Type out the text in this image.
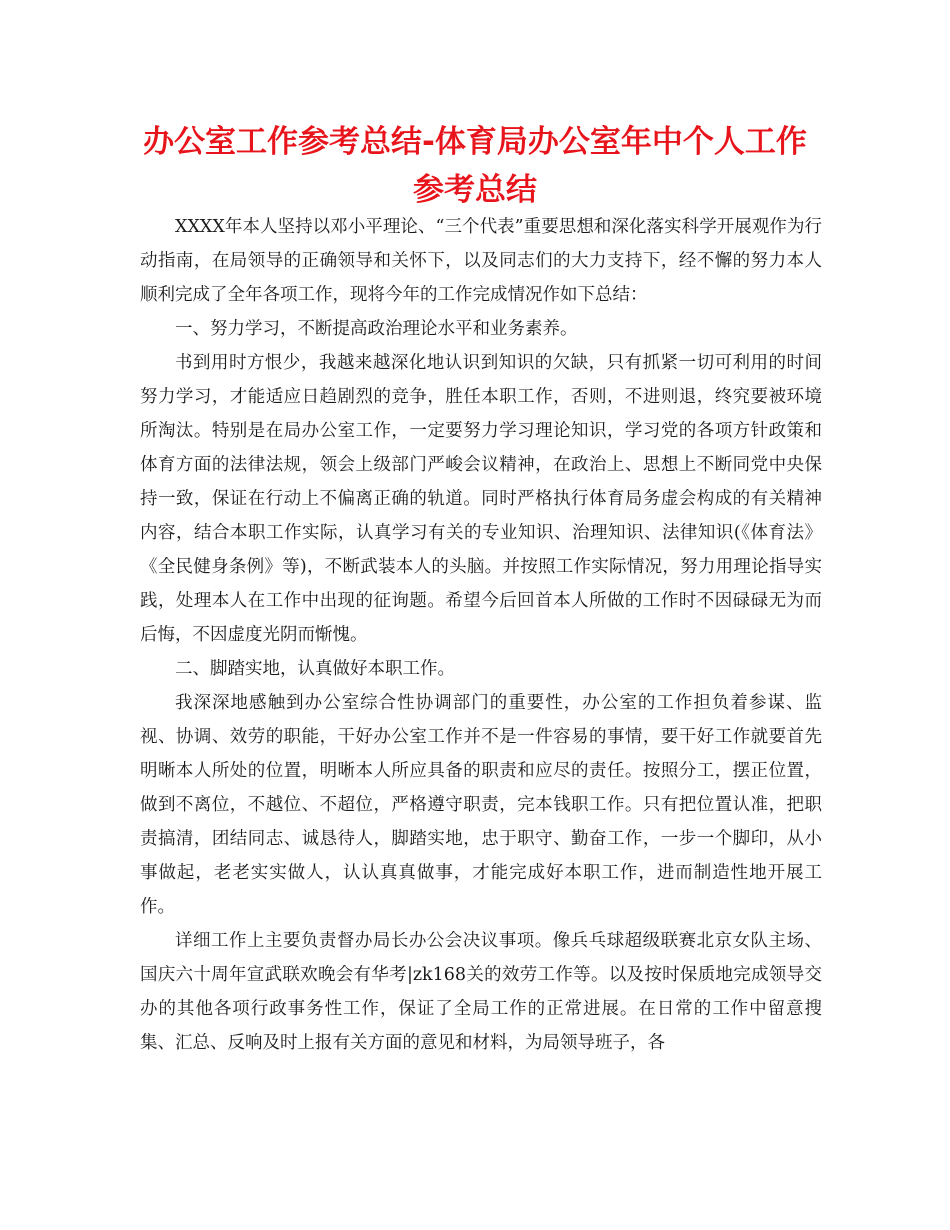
办公室工作参考总结-体育局办公室年中个人工作参考总结

XXXX年本人坚持以邓小平理论、“三个代表”重要思想和深化落实科学开展观作为行动指南，在局领导的正确领导和关怀下，以及同志们的大力支持下，经不懈的努力本人顺利完成了全年各项工作，现将今年的工作完成情况作如下总结：

一、努力学习，不断提高政治理论水平和业务素养。

书到用时方恨少，我越来越深化地认识到知识的欠缺，只有抓紧一切可利用的时间努力学习，才能适应日趋剧烈的竞争，胜任本职工作，否则，不进则退，终究要被环境所淘汰。特别是在局办公室工作，一定要努力学习理论知识，学习党的各项方针政策和体育方面的法律法规，领会上级部门严峻会议精神，在政治上、思想上不断同党中央保持一致，保证在行动上不偏离正确的轨道。同时严格执行体育局务虚会构成的有关精神内容，结合本职工作实际，认真学习有关的专业知识、治理知识、法律知识(《体育法》《全民健身条例》等)，不断武装本人的头脑。并按照工作实际情况，努力用理论指导实践，处理本人在工作中出现的征询题。希望今后回首本人所做的工作时不因碌碌无为而后悔，不因虚度光阴而惭愧。

二、脚踏实地，认真做好本职工作。

我深深地感触到办公室综合性协调部门的重要性，办公室的工作担负着参谋、监视、协调、效劳的职能，干好办公室工作并不是一件容易的事情，要干好工作就要首先明晰本人所处的位置，明晰本人所应具备的职责和应尽的责任。按照分工，摆正位置，做到不离位，不越位、不超位，严格遵守职责，完本钱职工作。只有把位置认准，把职责搞清，团结同志、诚恳待人，脚踏实地，忠于职守、勤奋工作，一步一个脚印，从小事做起，老老实实做人，认认真真做事，才能完成好本职工作，进而制造性地开展工作。

详细工作上主要负责督办局长办公会决议事项。像兵乓球超级联赛北京女队主场、国庆六十周年宣武联欢晚会有华考|zk168关的效劳工作等。以及按时保质地完成领导交办的其他各项行政事务性工作，保证了全局工作的正常进展。在日常的工作中留意搜集、汇总、反响及时上报有关方面的意见和材料，为局领导班子，各
